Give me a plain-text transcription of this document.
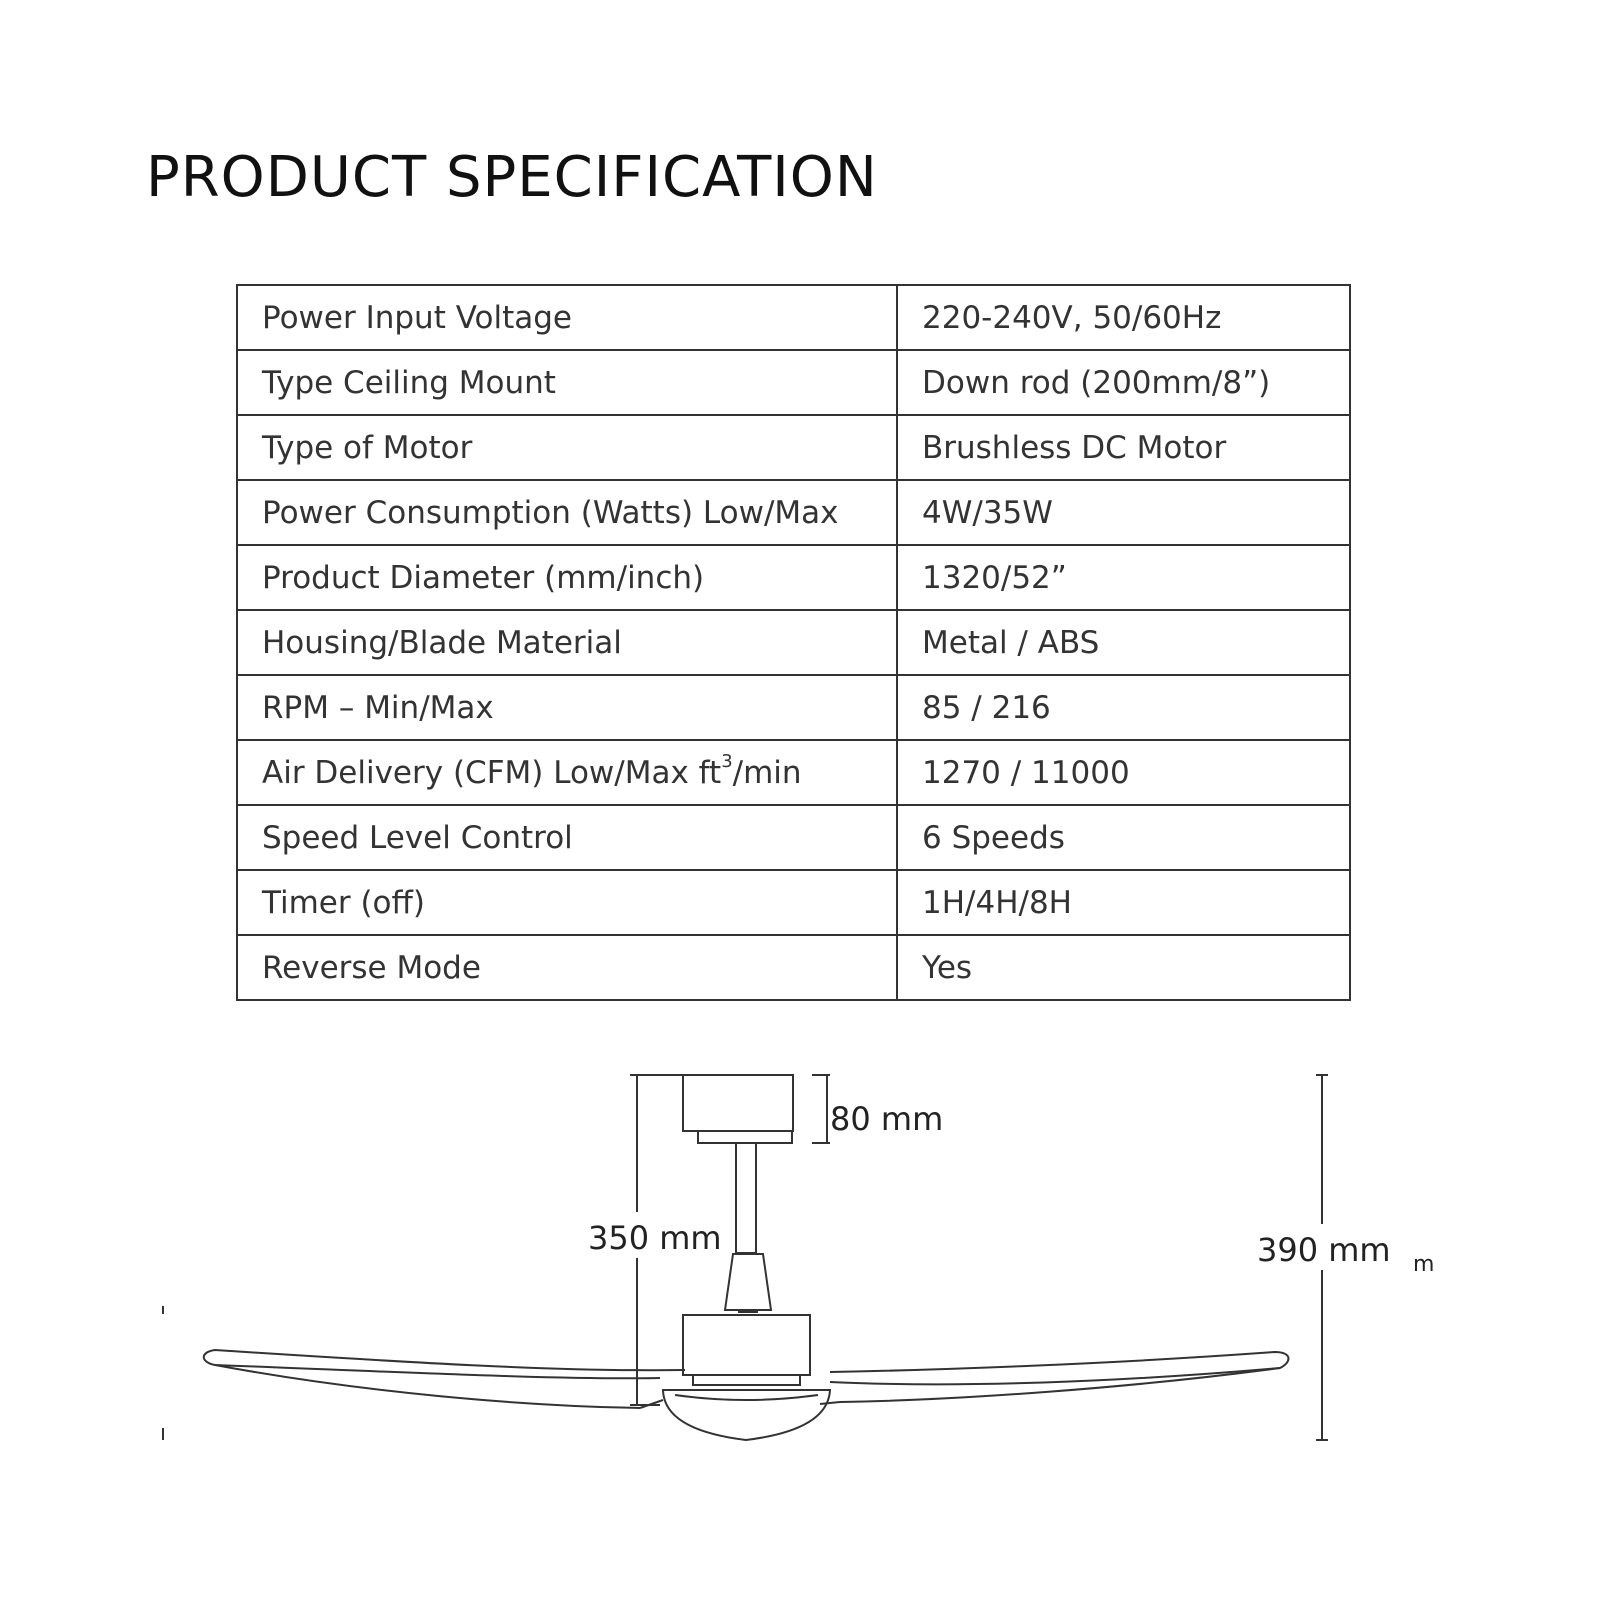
PRODUCT SPECIFICATION
Power Input Voltage	220-240V, 50/60Hz
Type Ceiling Mount	Down rod (200mm/8”)
Type of Motor	Brushless DC Motor
Power Consumption (Watts) Low/Max	4W/35W
Product Diameter (mm/inch)	1320/52”
Housing/Blade Material	Metal / ABS
RPM – Min/Max	85 / 216
Air Delivery (CFM) Low/Max $ft^3/\min$	1270 / 11000
Speed Level Control	6 Speeds
Timer (off)	1H/4H/8H
Reverse Mode	Yes
80 mm
350 mm	390 mm m
